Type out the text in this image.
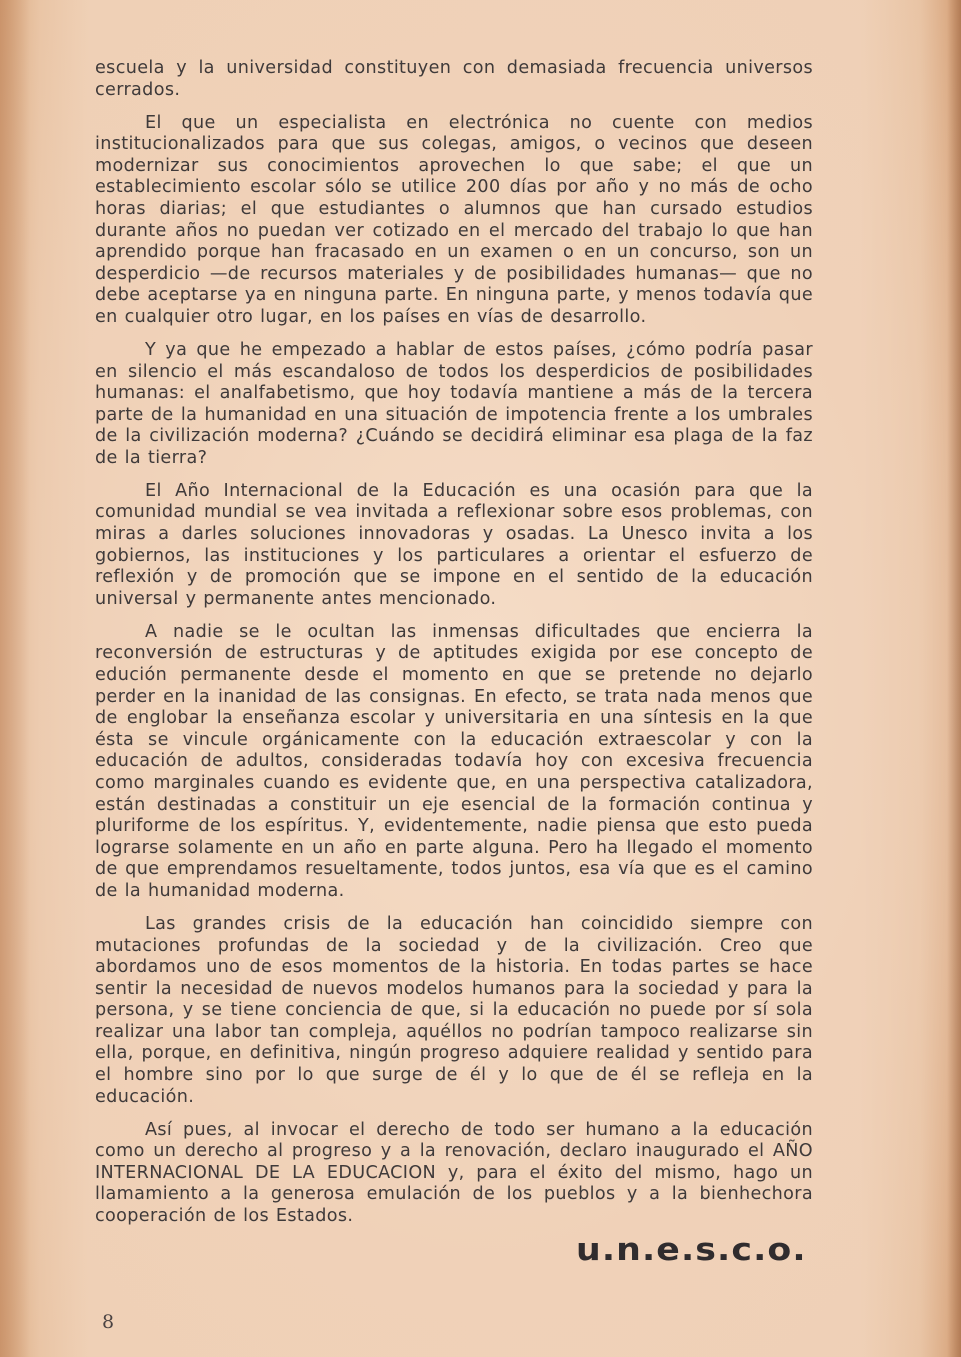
escuela y la universidad constituyen con demasiada frecuencia universos cerrados.

El que un especialista en electrónica no cuente con medios institucionalizados para que sus colegas, amigos, o vecinos que deseen modernizar sus conocimientos aprovechen lo que sabe; el que un establecimiento escolar sólo se utilice 200 días por año y no más de ocho horas diarias; el que estudiantes o alumnos que han cursado estudios durante años no puedan ver cotizado en el mercado del trabajo lo que han aprendido porque han fracasado en un examen o en un concurso, son un desperdicio —de recursos materiales y de posibilidades humanas— que no debe aceptarse ya en ninguna parte. En ninguna parte, y menos todavía que en cualquier otro lugar, en los países en vías de desarrollo.

Y ya que he empezado a hablar de estos países, ¿cómo podría pasar en silencio el más escandaloso de todos los desperdicios de posibilidades humanas: el analfabetismo, que hoy todavía mantiene a más de la tercera parte de la humanidad en una situación de impotencia frente a los umbrales de la civilización moderna? ¿Cuándo se decidirá eliminar esa plaga de la faz de la tierra?

El Año Internacional de la Educación es una ocasión para que la comunidad mundial se vea invitada a reflexionar sobre esos problemas, con miras a darles soluciones innovadoras y osadas. La Unesco invita a los gobiernos, las instituciones y los particulares a orientar el esfuerzo de reflexión y de promoción que se impone en el sentido de la educación universal y permanente antes mencionado.

A nadie se le ocultan las inmensas dificultades que encierra la reconversión de estructuras y de aptitudes exigida por ese concepto de edución permanente desde el momento en que se pretende no dejarlo perder en la inanidad de las consignas. En efecto, se trata nada menos que de englobar la enseñanza escolar y universitaria en una síntesis en la que ésta se vincule orgánicamente con la educación extraescolar y con la educación de adultos, consideradas todavía hoy con excesiva frecuencia como marginales cuando es evidente que, en una perspectiva catalizadora, están destinadas a constituir un eje esencial de la formación continua y pluriforme de los espíritus. Y, evidentemente, nadie piensa que esto pueda lograrse solamente en un año en parte alguna. Pero ha llegado el momento de que emprendamos resueltamente, todos juntos, esa vía que es el camino de la humanidad moderna.

Las grandes crisis de la educación han coincidido siempre con mutaciones profundas de la sociedad y de la civilización. Creo que abordamos uno de esos momentos de la historia. En todas partes se hace sentir la necesidad de nuevos modelos humanos para la sociedad y para la persona, y se tiene conciencia de que, si la educación no puede por sí sola realizar una labor tan compleja, aquéllos no podrían tampoco realizarse sin ella, porque, en definitiva, ningún progreso adquiere realidad y sentido para el hombre sino por lo que surge de él y lo que de él se refleja en la educación.

Así pues, al invocar el derecho de todo ser humano a la educación como un derecho al progreso y a la renovación, declaro inaugurado el AÑO INTERNACIONAL DE LA EDUCACION y, para el éxito del mismo, hago un llamamiento a la generosa emulación de los pueblos y a la bienhechora cooperación de los Estados.

u.n.e.s.c.o.
8
